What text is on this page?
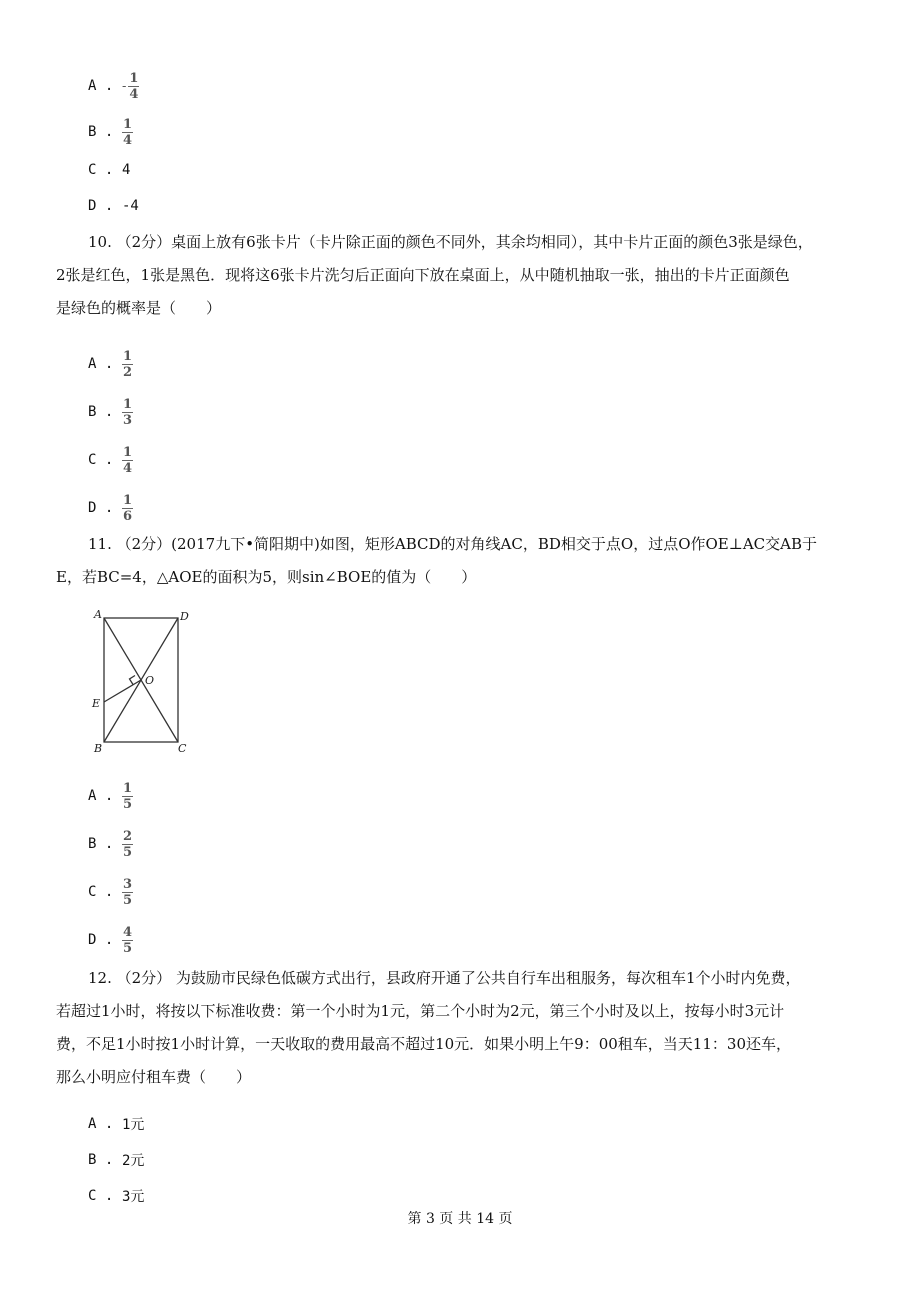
A . - $\frac{1}{4}$
B . $\frac{1}{4}$
C . 4
D . -4
10. （2分）桌面上放有6张卡片（卡片除正面的颜色不同外，其余均相同），其中卡片正面的颜色3张是绿色，
2张是红色，1张是黑色．现将这6张卡片洗匀后正面向下放在桌面上，从中随机抽取一张，抽出的卡片正面颜色
是绿色的概率是（　　）
A . $\frac{1}{2}$
B . $\frac{1}{3}$
C . $\frac{1}{4}$
D . $\frac{1}{6}$
11. （2分）(2017九下•简阳期中)如图，矩形ABCD的对角线AC，BD相交于点O，过点O作OE⊥AC交AB于
E，若BC=4，△AOE的面积为5，则sin∠BOE的值为（　　）
A	D
O
E
B	C
A . $\frac{1}{5}$
B . $\frac{2}{5}$
C . $\frac{3}{5}$
D . $\frac{4}{5}$
12. （2分） 为鼓励市民绿色低碳方式出行，县政府开通了公共自行车出租服务，每次租车1个小时内免费，
若超过1小时，将按以下标准收费：第一个小时为1元，第二个小时为2元，第三个小时及以上，按每小时3元计
费，不足1小时按1小时计算，一天收取的费用最高不超过10元．如果小明上午9：00租车，当天11：30还车，
那么小明应付租车费（　　）
A . 1元
B . 2元
C . 3元
第 3 页 共 14 页
